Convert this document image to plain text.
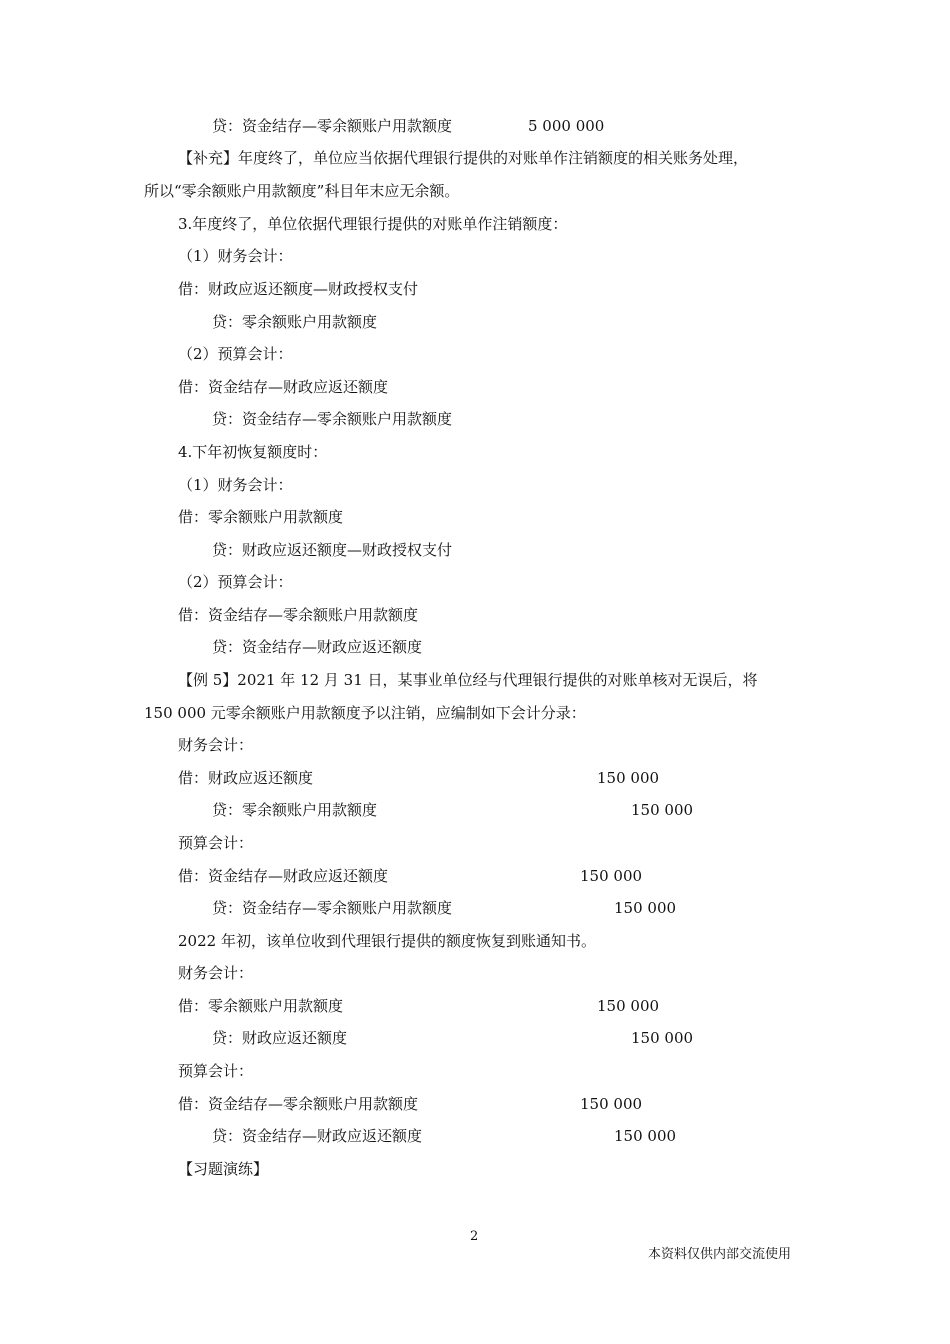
贷：资金结存—零余额账户用款额度	5 000 000
【补充】年度终了，单位应当依据代理银行提供的对账单作注销额度的相关账务处理，
所以“零余额账户用款额度”科目年末应无余额。
3.年度终了，单位依据代理银行提供的对账单作注销额度：
（1）财务会计：
借：财政应返还额度—财政授权支付
贷：零余额账户用款额度
（2）预算会计：
借：资金结存—财政应返还额度
贷：资金结存—零余额账户用款额度
4.下年初恢复额度时：
（1）财务会计：
借：零余额账户用款额度
贷：财政应返还额度—财政授权支付
（2）预算会计：
借：资金结存—零余额账户用款额度
贷：资金结存—财政应返还额度
【例 5】2021 年 12 月 31 日，某事业单位经与代理银行提供的对账单核对无误后，将
150 000 元零余额账户用款额度予以注销，应编制如下会计分录：
财务会计：
借：财政应返还额度	150 000
贷：零余额账户用款额度	150 000
预算会计：
借：资金结存—财政应返还额度	150 000
贷：资金结存—零余额账户用款额度	150 000
2022 年初，该单位收到代理银行提供的额度恢复到账通知书。
财务会计：
借：零余额账户用款额度	150 000
贷：财政应返还额度	150 000
预算会计：
借：资金结存—零余额账户用款额度	150 000
贷：资金结存—财政应返还额度	150 000
【习题演练】
2
本资料仅供内部交流使用
